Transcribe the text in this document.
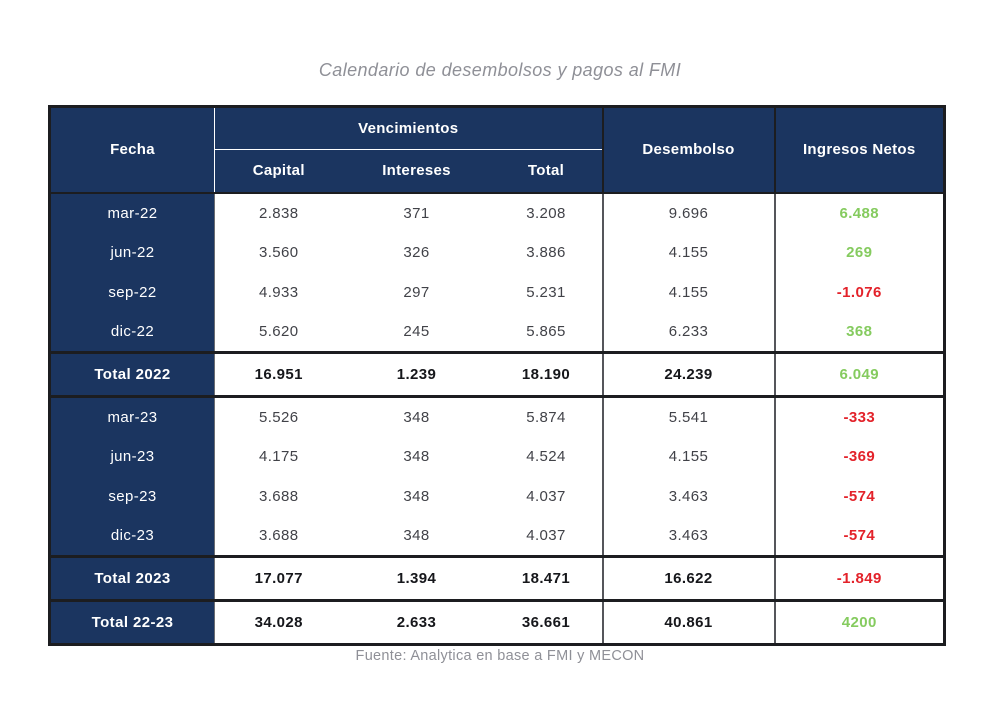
Calendario de desembolsos y pagos al FMI
Fecha	Vencimientos			Desembolso	Ingresos Netos
	Capital	Intereses	Total		
mar-22	2.838	371	3.208	9.696	6.488
jun-22	3.560	326	3.886	4.155	269
sep-22	4.933	297	5.231	4.155	-1.076
dic-22	5.620	245	5.865	6.233	368
Total 2022	16.951	1.239	18.190	24.239	6.049
mar-23	5.526	348	5.874	5.541	-333
jun-23	4.175	348	4.524	4.155	-369
sep-23	3.688	348	4.037	3.463	-574
dic-23	3.688	348	4.037	3.463	-574
Total 2023	17.077	1.394	18.471	16.622	-1.849
Total 22-23	34.028	2.633	36.661	40.861	4200
Fuente: Analytica en base a FMI y MECON
